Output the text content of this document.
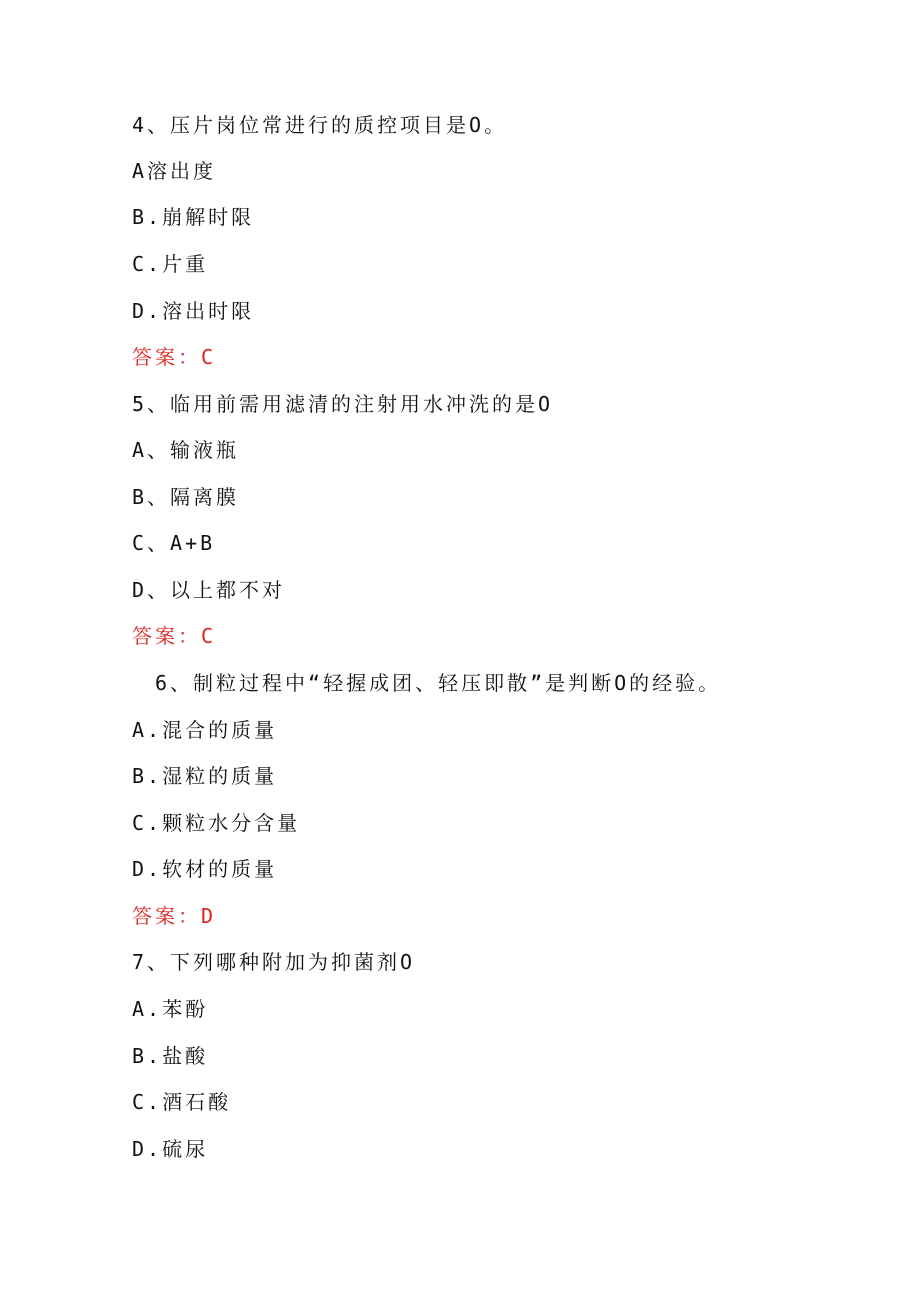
4、压片岗位常进行的质控项目是O。
A溶出度
B.崩解时限
C.片重
D.溶出时限
答案：C
5、临用前需用滤清的注射用水冲洗的是O
A、输液瓶
B、隔离膜
C、A+B
D、以上都不对
答案：C
6、制粒过程中“轻握成团、轻压即散”是判断O的经验。
A.混合的质量
B.湿粒的质量
C.颗粒水分含量
D.软材的质量
答案：D
7、下列哪种附加为抑菌剂O
A.苯酚
B.盐酸
C.酒石酸
D.硫尿
